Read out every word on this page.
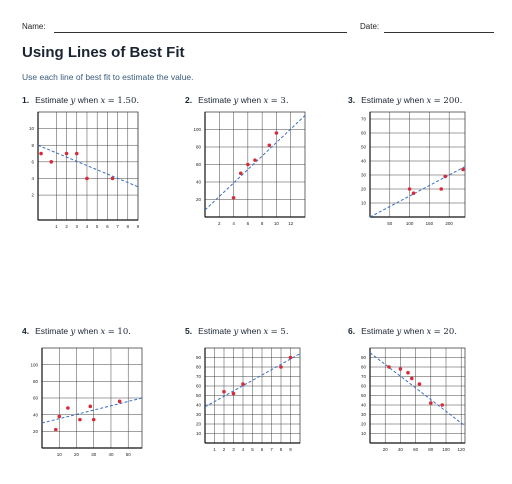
Name:	Date:
Using Lines of Best Fit
Use each line of best fit to estimate the value.
1. Estimate y when x = 1.50.	2. Estimate y when x = 3.	3. Estimate y when x = 200.
4. Estimate y when x = 10.	5. Estimate y when x = 5.	6. Estimate y when x = 20.
1 2 3 4 5 6 7 8 9
2
4
6
8
10
2	4	6	8 10 12
20
40
60
80
100
50	100	150	200
10
20
30
40
50
60
70
10	20	30	40	50
20
40
60
80
100
1 2 3 4 5 6 7 8 9
10
20
30
40
50
60
70
80
90
20 40 60 80 100 120
10
20
30
40
50
60
70
80
90
